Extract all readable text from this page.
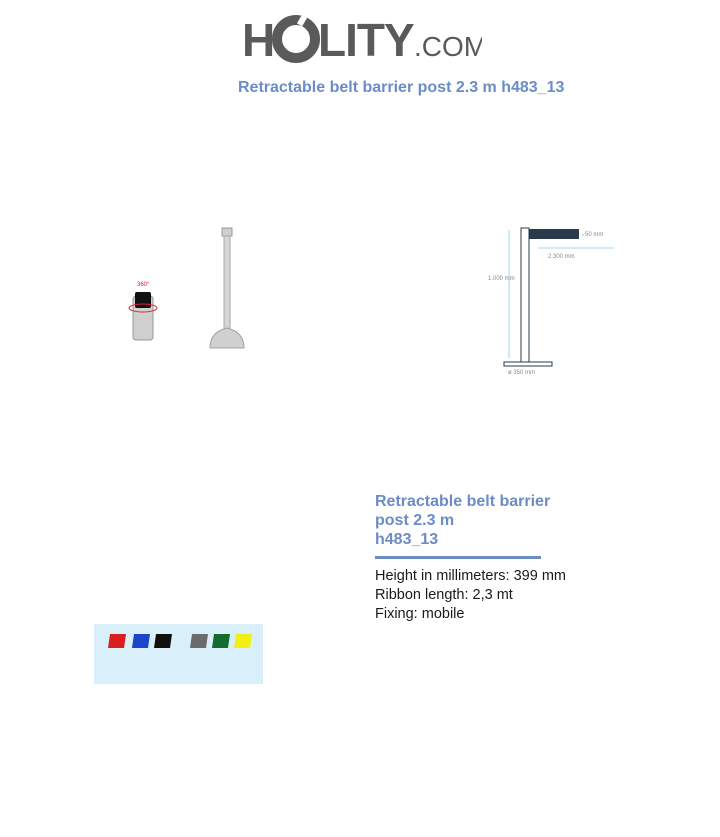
H LITY .COM
Retractable belt barrier post 2.3 m h483_13
360°
50 mm
2.300 mm
1.000 mm
ø 350 mm
Retractable belt barrier
post 2.3 m
h483_13
Height in millimeters: 399 mm
Ribbon length: 2,3 mt
Fixing: mobile
